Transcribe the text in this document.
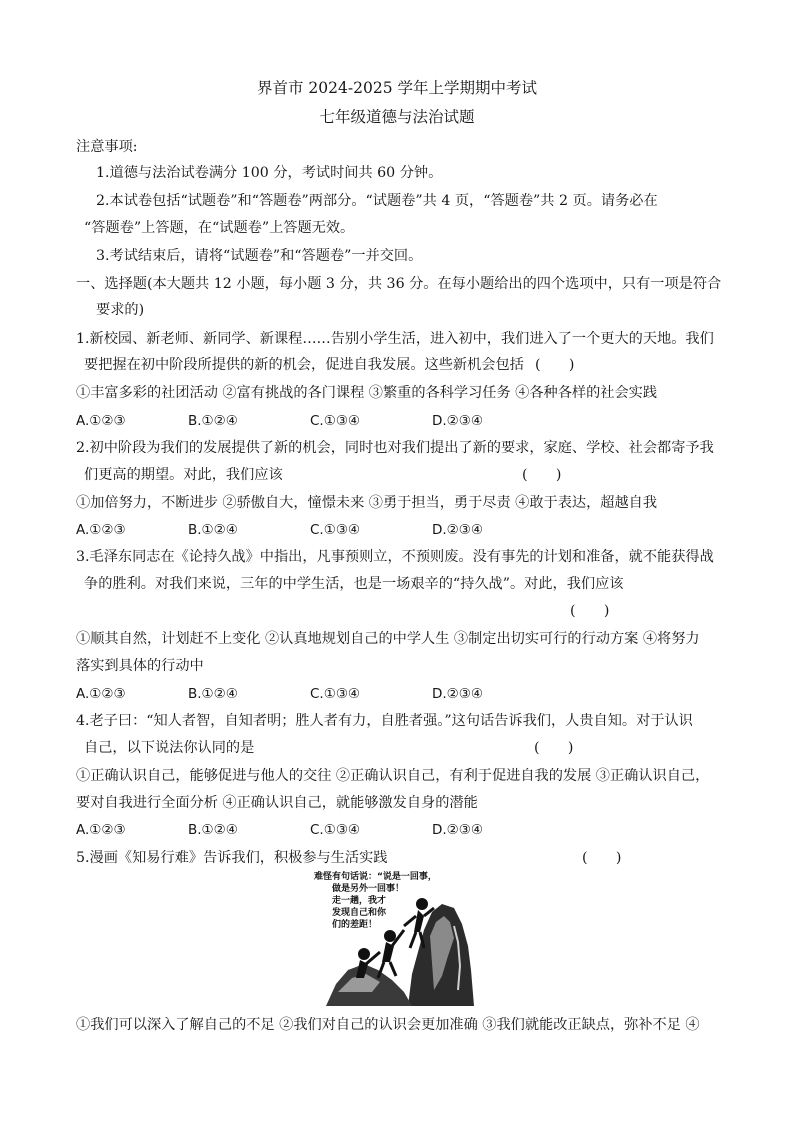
界首市 2024-2025 学年上学期期中考试
七年级道德与法治试题
注意事项:
1.道德与法治试卷满分 100 分，考试时间共 60 分钟。
2.本试卷包括“试题卷”和“答题卷”两部分。“试题卷”共 4 页，“答题卷”共 2 页。请务必在
“答题卷”上答题，在“试题卷”上答题无效。
3.考试结束后，请将“试题卷”和“答题卷”一并交回。
一、选择题(本大题共 12 小题，每小题 3 分，共 36 分。在每小题给出的四个选项中，只有一项是符合
要求的)
1.新校园、新老师、新同学、新课程……告别小学生活，进入初中，我们进入了一个更大的天地。我们
要把握在初中阶段所提供的新的机会，促进自我发展。这些新机会包括 (　　)
①丰富多彩的社团活动 ②富有挑战的各门课程 ③繁重的各科学习任务 ④各种各样的社会实践
A.①②③	B.①②④	C.①③④	D.②③④
2.初中阶段为我们的发展提供了新的机会，同时也对我们提出了新的要求，家庭、学校、社会都寄予我
们更高的期望。对此，我们应该	(　　)
①加倍努力，不断进步 ②骄傲自大，憧憬未来 ③勇于担当，勇于尽责 ④敢于表达，超越自我
A.①②③	B.①②④	C.①③④	D.②③④
3.毛泽东同志在《论持久战》中指出，凡事预则立，不预则废。没有事先的计划和准备，就不能获得战
争的胜利。对我们来说，三年的中学生活，也是一场艰辛的“持久战”。对此，我们应该
(　　)
①顺其自然，计划赶不上变化 ②认真地规划自己的中学人生 ③制定出切实可行的行动方案 ④将努力
落实到具体的行动中
A.①②③	B.①②④	C.①③④	D.②③④
4.老子曰：“知人者智，自知者明；胜人者有力，自胜者强。”这句话告诉我们，人贵自知。对于认识
自己，以下说法你认同的是	(　　)
①正确认识自己，能够促进与他人的交往 ②正确认识自己，有利于促进自我的发展 ③正确认识自己，
要对自我进行全面分析 ④正确认识自己，就能够激发自身的潜能
A.①②③	B.①②④	C.①③④	D.②③④
5.漫画《知易行难》告诉我们，积极参与生活实践	(　　)
难怪有句话说：“说是一回事，
做是另外一回事！
走一趟，我才
发现自己和你
们的差距！
①我们可以深入了解自己的不足 ②我们对自己的认识会更加准确 ③我们就能改正缺点，弥补不足 ④
